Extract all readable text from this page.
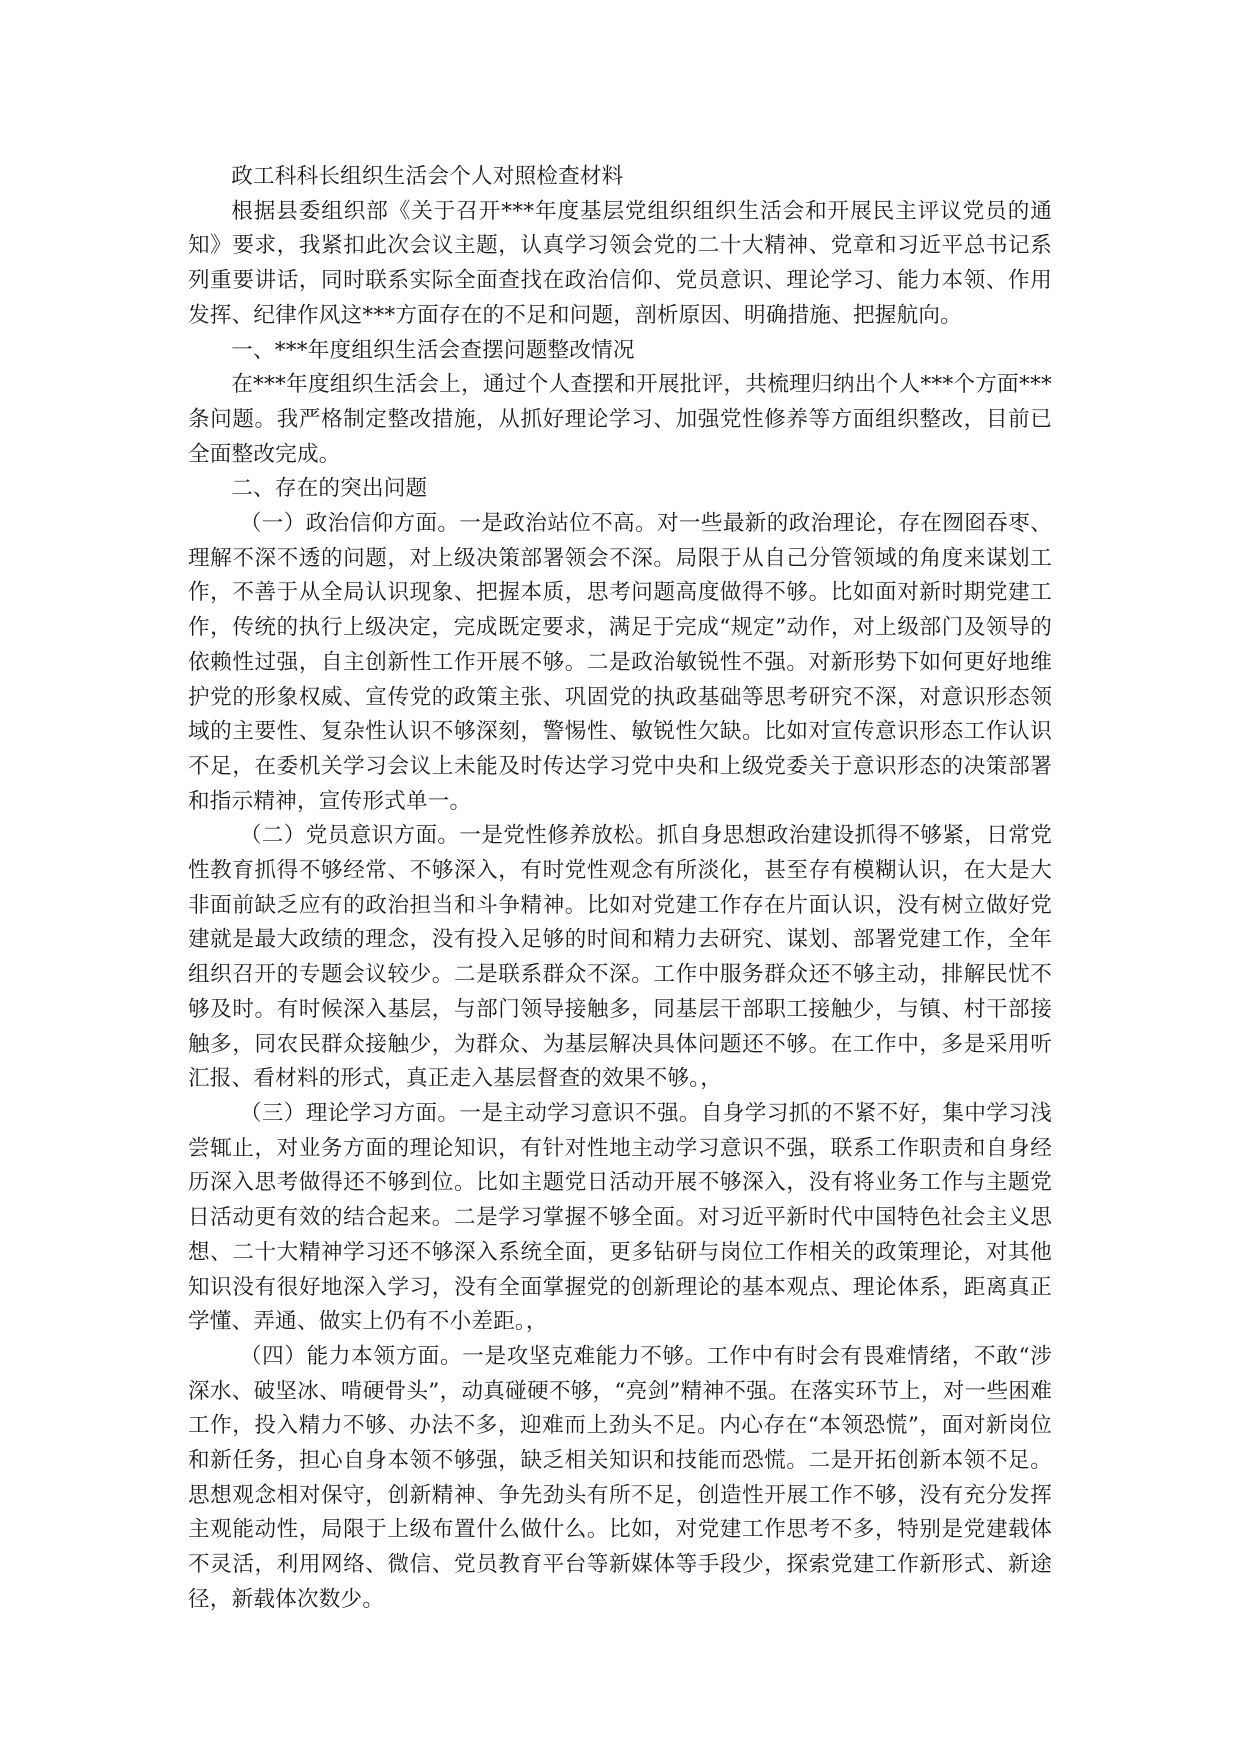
政工科科长组织生活会个人对照检查材料

根据县委组织部《关于召开***年度基层党组织组织生活会和开展民主评议党员的通知》要求，我紧扣此次会议主题，认真学习领会党的二十大精神、党章和习近平总书记系列重要讲话，同时联系实际全面查找在政治信仰、党员意识、理论学习、能力本领、作用发挥、纪律作风这***方面存在的不足和问题，剖析原因、明确措施、把握航向。

一、***年度组织生活会查摆问题整改情况

在***年度组织生活会上，通过个人查摆和开展批评，共梳理归纳出个人***个方面***条问题。我严格制定整改措施，从抓好理论学习、加强党性修养等方面组织整改，目前已全面整改完成。

二、存在的突出问题

（一）政治信仰方面。一是政治站位不高。对一些最新的政治理论，存在囫囵吞枣、理解不深不透的问题，对上级决策部署领会不深。局限于从自己分管领域的角度来谋划工作，不善于从全局认识现象、把握本质，思考问题高度做得不够。比如面对新时期党建工作，传统的执行上级决定，完成既定要求，满足于完成“规定”动作，对上级部门及领导的依赖性过强，自主创新性工作开展不够。二是政治敏锐性不强。对新形势下如何更好地维护党的形象权威、宣传党的政策主张、巩固党的执政基础等思考研究不深，对意识形态领域的主要性、复杂性认识不够深刻，警惕性、敏锐性欠缺。比如对宣传意识形态工作认识不足，在委机关学习会议上未能及时传达学习党中央和上级党委关于意识形态的决策部署和指示精神，宣传形式单一。

（二）党员意识方面。一是党性修养放松。抓自身思想政治建设抓得不够紧，日常党性教育抓得不够经常、不够深入，有时党性观念有所淡化，甚至存有模糊认识，在大是大非面前缺乏应有的政治担当和斗争精神。比如对党建工作存在片面认识，没有树立做好党建就是最大政绩的理念，没有投入足够的时间和精力去研究、谋划、部署党建工作，全年组织召开的专题会议较少。二是联系群众不深。工作中服务群众还不够主动，排解民忧不够及时。有时候深入基层，与部门领导接触多，同基层干部职工接触少，与镇、村干部接触多，同农民群众接触少，为群众、为基层解决具体问题还不够。在工作中，多是采用听汇报、看材料的形式，真正走入基层督查的效果不够。，

（三）理论学习方面。一是主动学习意识不强。自身学习抓的不紧不好，集中学习浅尝辄止，对业务方面的理论知识，有针对性地主动学习意识不强，联系工作职责和自身经历深入思考做得还不够到位。比如主题党日活动开展不够深入，没有将业务工作与主题党日活动更有效的结合起来。二是学习掌握不够全面。对习近平新时代中国特色社会主义思想、二十大精神学习还不够深入系统全面，更多钻研与岗位工作相关的政策理论，对其他知识没有很好地深入学习，没有全面掌握党的创新理论的基本观点、理论体系，距离真正学懂、弄通、做实上仍有不小差距。，

（四）能力本领方面。一是攻坚克难能力不够。工作中有时会有畏难情绪，不敢“涉深水、破坚冰、啃硬骨头”，动真碰硬不够，“亮剑”精神不强。在落实环节上，对一些困难工作，投入精力不够、办法不多，迎难而上劲头不足。内心存在“本领恐慌”，面对新岗位和新任务，担心自身本领不够强，缺乏相关知识和技能而恐慌。二是开拓创新本领不足。思想观念相对保守，创新精神、争先劲头有所不足，创造性开展工作不够，没有充分发挥主观能动性，局限于上级布置什么做什么。比如，对党建工作思考不多，特别是党建载体不灵活，利用网络、微信、党员教育平台等新媒体等手段少，探索党建工作新形式、新途径，新载体次数少。
